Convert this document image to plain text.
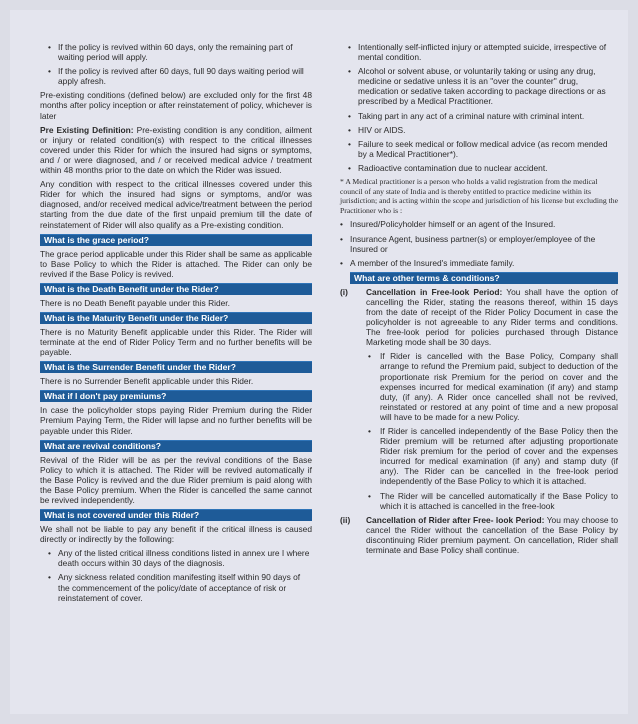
• If the policy is revived within 60 days, only the remaining part of waiting period will apply.
• If the policy is revived after 60 days, full 90 days waiting period will apply afresh.

Pre-existing conditions (defined below) are excluded only for the first 48 months after policy inception or after reinstatement of policy, whichever is later

Pre Existing Definition: Pre-existing condition is any condition, ailment or injury or related condition(s) with respect to the critical illnesses covered under this Rider for which the insured had signs or symptoms, and / or were diagnosed, and / or received medical advice / treatment within 48 months prior to the date on which the Rider was issued.

Any condition with respect to the critical illnesses covered under this Rider for which the insured had signs or symptoms, and/or was diagnosed, and/or received medical advice/treatment between the period starting from the due date of the first unpaid premium till the date of reinstatement of Rider will also qualify as a Pre-existing condition.

What is the grace period?

The grace period applicable under this Rider shall be same as applicable to Base Policy to which the Rider is attached. The Rider can only be revived if the Base Policy is revived.

What is the Death Benefit under the Rider?

There is no Death Benefit payable under this Rider.

What is the Maturity Benefit under the Rider?

There is no Maturity Benefit applicable under this Rider. The Rider will terminate at the end of Rider Policy Term and no further benefits will be payable.

What is the Surrender Benefit under the Rider?

There is no Surrender Benefit applicable under this Rider.

What if I don't pay premiums?

In case the policyholder stops paying Rider Premium during the Rider Premium Paying Term, the Rider will lapse and no further benefits will be payable under this Rider.

What are revival conditions?

Revival of the Rider will be as per the revival conditions of the Base Policy to which it is attached. The Rider will be revived automatically if the Base Policy is revived and the due Rider premium is paid along with the Base Policy premium. When the Rider is cancelled the same cannot be revived independently.

What is not covered under this Rider?

We shall not be liable to pay any benefit if the critical illness is caused directly or indirectly by the following:

• Any of the listed critical illness conditions listed in annex ure I where death occurs within 30 days of the diagnosis.
• Any sickness related condition manifesting itself within 90 days of the commencement of the policy/date of acceptance of risk or reinstatement of cover.
• Intentionally self-inflicted injury or attempted suicide, irrespective of mental condition.
• Alcohol or solvent abuse, or voluntarily taking or using any drug, medicine or sedative unless it is an "over the counter" drug, medication or sedative taken according to package directions or as prescribed by a Medical Practitioner.
• Taking part in any act of a criminal nature with criminal intent.
• HIV or AIDS.
• Failure to seek medical or follow medical advice (as recom mended by a Medical Practitioner*).
• Radioactive contamination due to nuclear accident.

* A Medical practitioner is a person who holds a valid registration from the medical council of any state of India and is thereby entitled to practice medicine within its jurisdiction; and is acting within the scope and jurisdiction of his license but excluding the Practitioner who is :

• Insured/Policyholder himself or an agent of the Insured.
• Insurance Agent, business partner(s) or employer/employee of the Insured or
• A member of the Insured's immediate family.
What are other terms & conditions?
(i) Cancellation in Free-look Period: You shall have the option of cancelling the Rider, stating the reasons thereof, within 15 days from the date of receipt of the Rider Policy Document in case the policyholder is not agreeable to any Rider terms and conditions. The free-look period for policies purchased through Distance Marketing mode shall be 30 days.
• If Rider is cancelled with the Base Policy, Company shall arrange to refund the Premium paid, subject to deduction of the proportionate risk Premium for the period on cover and the expenses incurred for medical examination (if any) and stamp duty, (if any). A Rider once cancelled shall not be revived, reinstated or restored at any point of time and a new proposal will have to be made for a new Policy.
• If Rider is cancelled independently of the Base Policy then the Rider premium will be returned after adjusting proportionate Rider risk premium for the period of cover and the expenses incurred for medical examination (if any) and stamp duty (if any). The Rider can be cancelled in the free-look period independently of the Base Policy to which it is attached.
• The Rider will be cancelled automatically if the Base Policy to which it is attached is cancelled in the free-look
(ii) Cancellation of Rider after Free- look Period: You may choose to cancel the Rider without the cancellation of the Base Policy by discontinuing Rider premium payment. On cancellation, Rider shall terminate and Base Policy shall continue.
